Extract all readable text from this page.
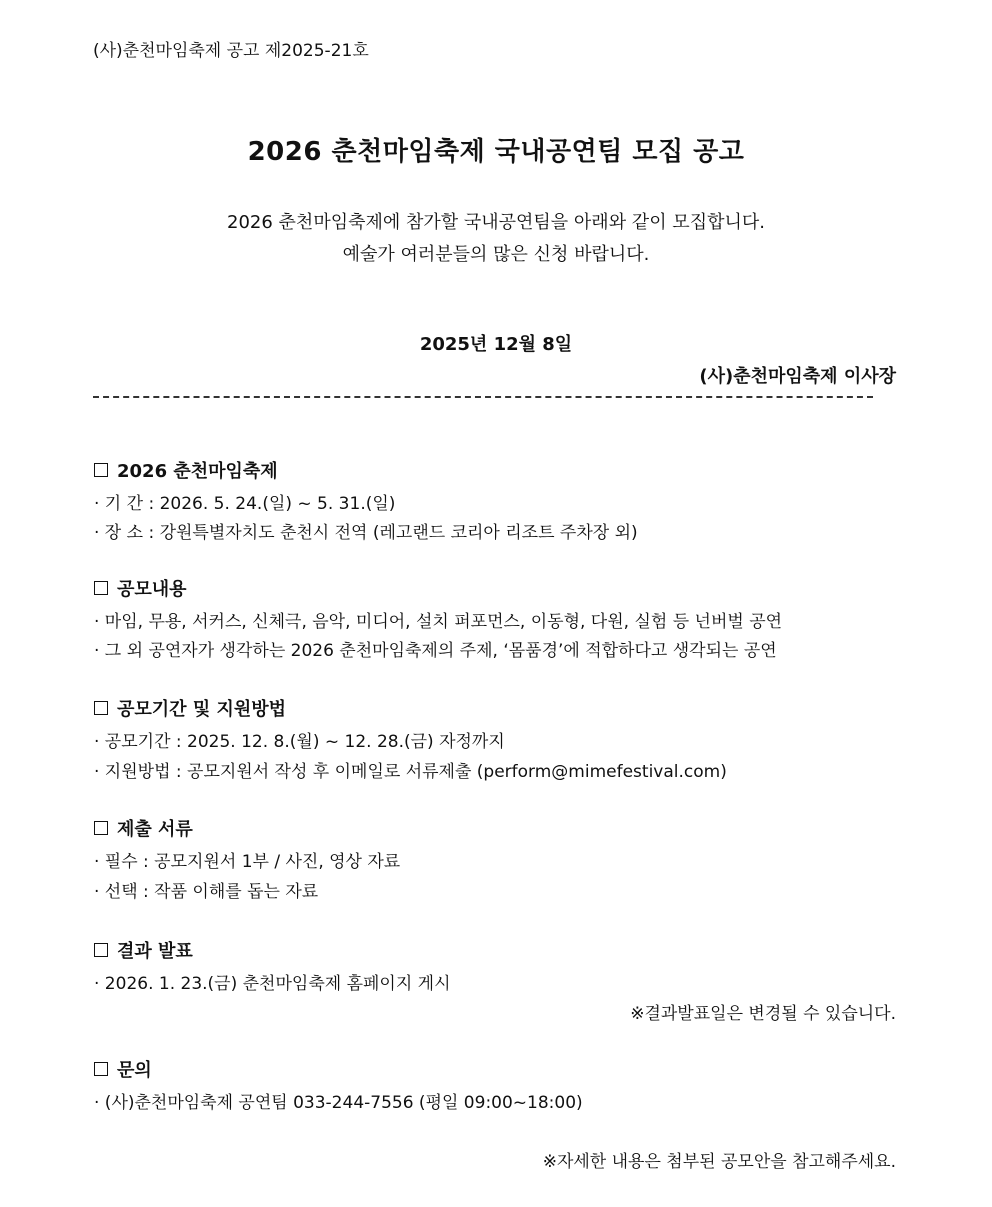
(사)춘천마임축제 공고 제2025-21호
2026 춘천마임축제 국내공연팀 모집 공고
2026 춘천마임축제에 참가할 국내공연팀을 아래와 같이 모집합니다.
예술가 여러분들의 많은 신청 바랍니다.
2025년 12월 8일
(사)춘천마임축제 이사장
2026 춘천마임축제
· 기 간 : 2026. 5. 24.(일) ~ 5. 31.(일)
· 장 소 : 강원특별자치도 춘천시 전역 (레고랜드 코리아 리조트 주차장 외)
공모내용
· 마임, 무용, 서커스, 신체극, 음악, 미디어, 설치 퍼포먼스, 이동형, 다원, 실험 등 넌버벌 공연
· 그 외 공연자가 생각하는 2026 춘천마임축제의 주제, ‘몸품경’에 적합하다고 생각되는 공연
공모기간 및 지원방법
· 공모기간 : 2025. 12. 8.(월) ~ 12. 28.(금) 자정까지
· 지원방법 : 공모지원서 작성 후 이메일로 서류제출 (perform@mimefestival.com)
제출 서류
· 필수 : 공모지원서 1부 / 사진, 영상 자료
· 선택 : 작품 이해를 돕는 자료
결과 발표
· 2026. 1. 23.(금) 춘천마임축제 홈페이지 게시
※결과발표일은 변경될 수 있습니다.
문의
· (사)춘천마임축제 공연팀 033-244-7556 (평일 09:00~18:00)
※자세한 내용은 첨부된 공모안을 참고해주세요.
